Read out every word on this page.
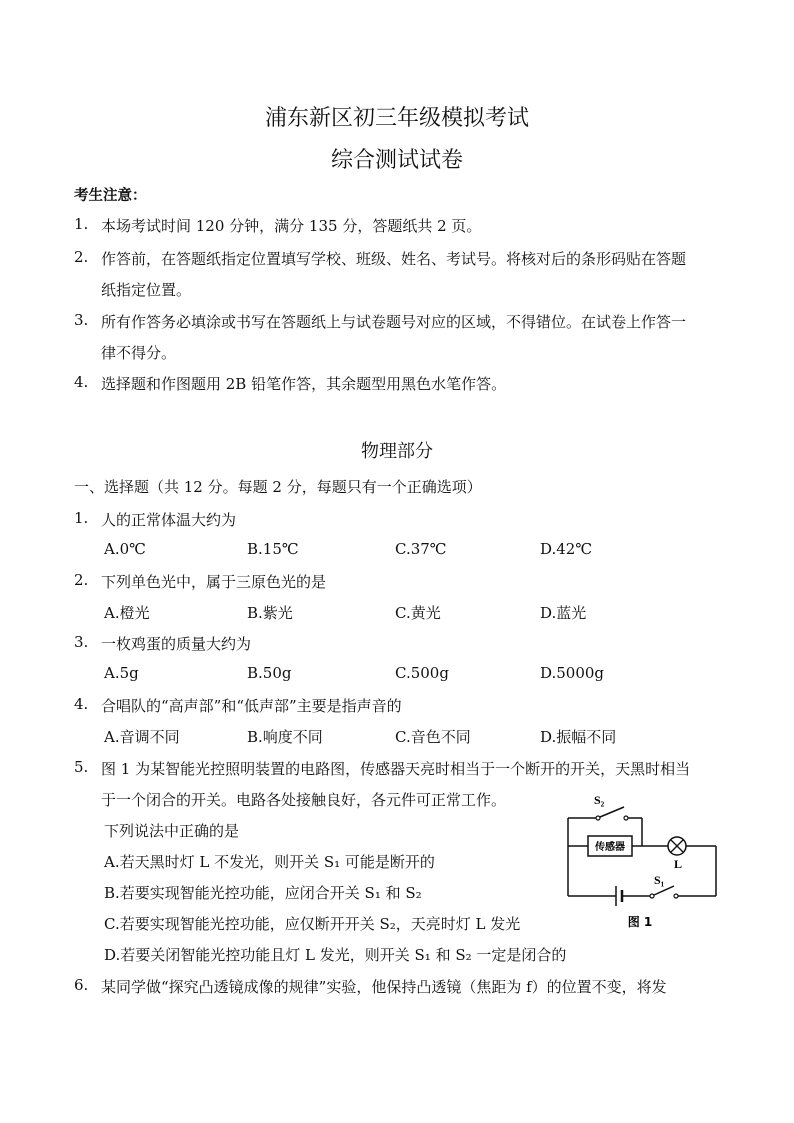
浦东新区初三年级模拟考试
综合测试试卷
考生注意：
1. 本场考试时间 120 分钟，满分 135 分，答题纸共 2 页。
2. 作答前，在答题纸指定位置填写学校、班级、姓名、考试号。将核对后的条形码贴在答题
纸指定位置。
3. 所有作答务必填涂或书写在答题纸上与试卷题号对应的区域，不得错位。在试卷上作答一
律不得分。
4. 选择题和作图题用 2B 铅笔作答，其余题型用黑色水笔作答。
物理部分
一、选择题（共 12 分。每题 2 分，每题只有一个正确选项）
1. 人的正常体温大约为
A.0℃	B.15℃	C.37℃	D.42℃
2. 下列单色光中，属于三原色光的是
A.橙光	B.紫光	C.黄光	D.蓝光
3. 一枚鸡蛋的质量大约为
A.5g	B.50g	C.500g	D.5000g
4. 合唱队的“高声部”和“低声部”主要是指声音的
A.音调不同	B.响度不同	C.音色不同	D.振幅不同
5. 图 1 为某智能光控照明装置的电路图，传感器天亮时相当于一个断开的开关，天黑时相当
于一个闭合的开关。电路各处接触良好，各元件可正常工作。
下列说法中正确的是
A.若天黑时灯 L 不发光，则开关 S₁ 可能是断开的
B.若要实现智能光控功能，应闭合开关 S₁ 和 S₂
C.若要实现智能光控功能，应仅断开开关 S₂，天亮时灯 L 发光
D.若要关闭智能光控功能且灯 L 发光，则开关 S₁ 和 S₂ 一定是闭合的
S₂
传感器
L
S₁
图 1
6. 某同学做“探究凸透镜成像的规律”实验，他保持凸透镜（焦距为 f）的位置不变，将发
